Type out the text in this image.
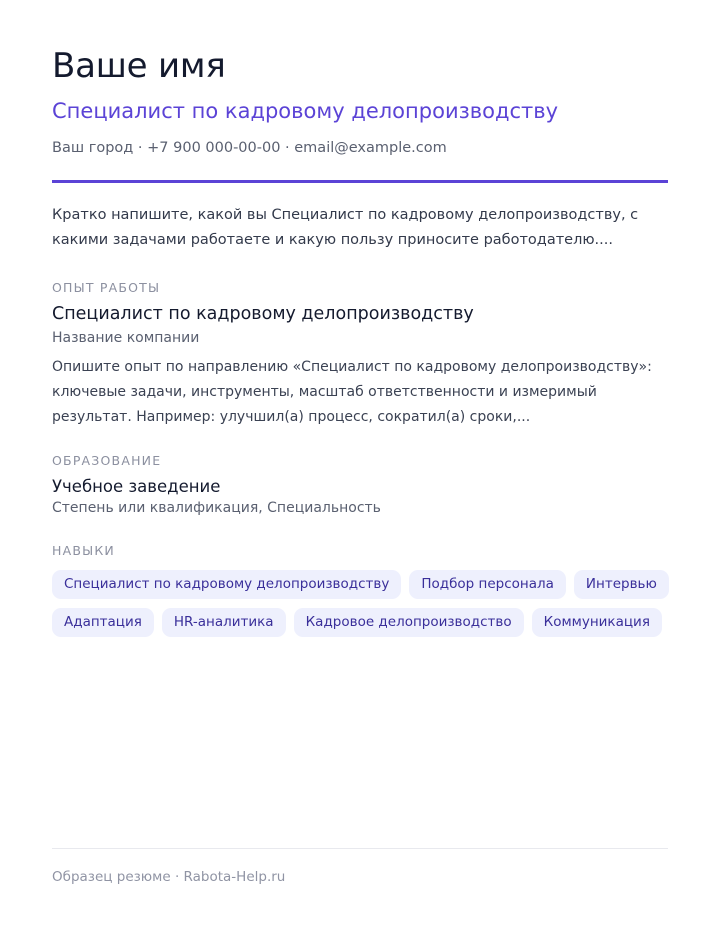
Ваше имя
Специалист по кадровому делопроизводству
Ваш город · +7 900 000-00-00 · email@example.com
Кратко напишите, какой вы Специалист по кадровому делопроизводству, с какими задачами работаете и какую пользу приносите работодателю....
ОПЫТ РАБОТЫ
Специалист по кадровому делопроизводству
Название компании
Опишите опыт по направлению «Специалист по кадровому делопроизводству»: ключевые задачи, инструменты, масштаб ответственности и измеримый результат. Например: улучшил(а) процесс, сократил(а) сроки,...
ОБРАЗОВАНИЕ
Учебное заведение
Степень или квалификация, Специальность
НАВЫКИ
Специалист по кадровому делопроизводству	Подбор персонала	Интервью
Адаптация	HR-аналитика	Кадровое делопроизводство	Коммуникация
Образец резюме · Rabota-Help.ru
